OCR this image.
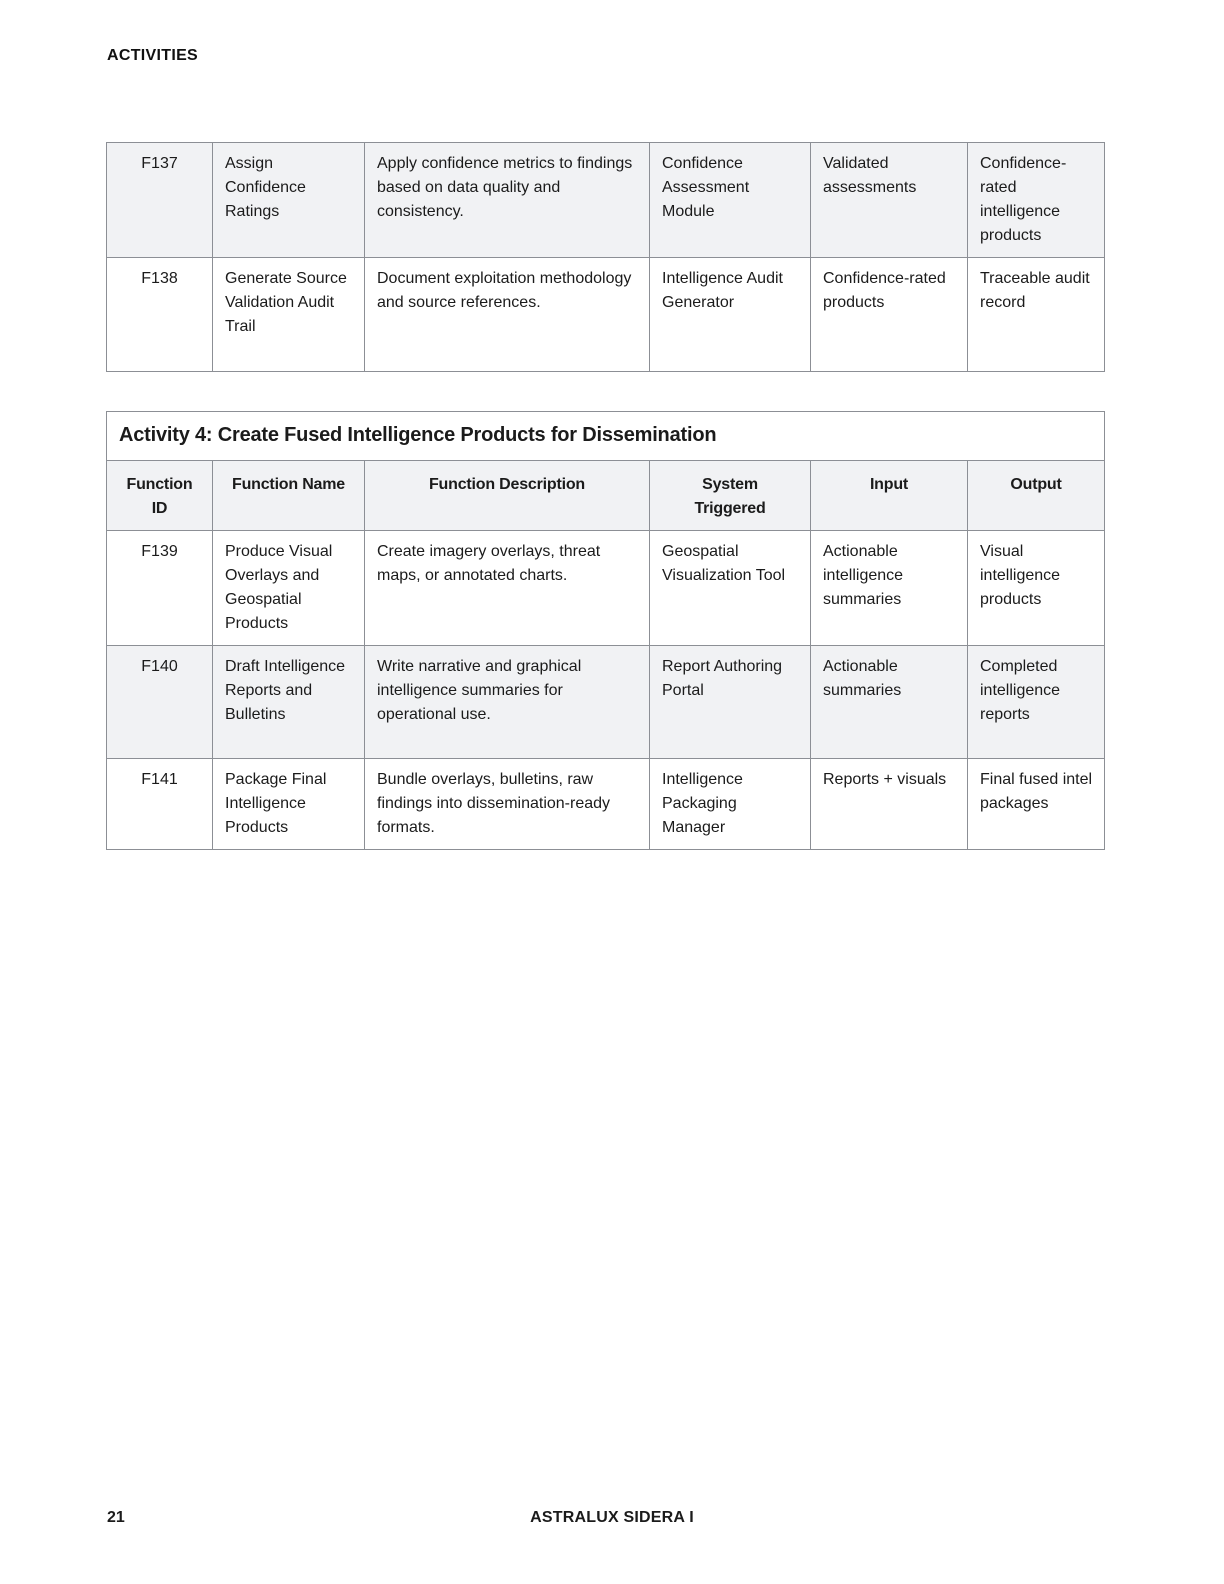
ACTIVITIES
F137	Assign Confidence Ratings	Apply confidence metrics to findings based on data quality and consistency.	Confidence Assessment Module	Validated assessments	Confidence-rated intelligence products
F138	Generate Source Validation Audit Trail	Document exploitation methodology and source references.	Intelligence Audit Generator	Confidence-rated products	Traceable audit record
Activity 4: Create Fused Intelligence Products for Dissemination					
Function ID	Function Name	Function Description	System Triggered	Input	Output
F139	Produce Visual Overlays and Geospatial Products	Create imagery overlays, threat maps, or annotated charts.	Geospatial Visualization Tool	Actionable intelligence summaries	Visual intelligence products
F140	Draft Intelligence Reports and Bulletins	Write narrative and graphical intelligence summaries for operational use.	Report Authoring Portal	Actionable summaries	Completed intelligence reports
F141	Package Final Intelligence Products	Bundle overlays, bulletins, raw findings into dissemination-ready formats.	Intelligence Packaging Manager	Reports + visuals	Final fused intel packages
21	ASTRALUX SIDERA I
